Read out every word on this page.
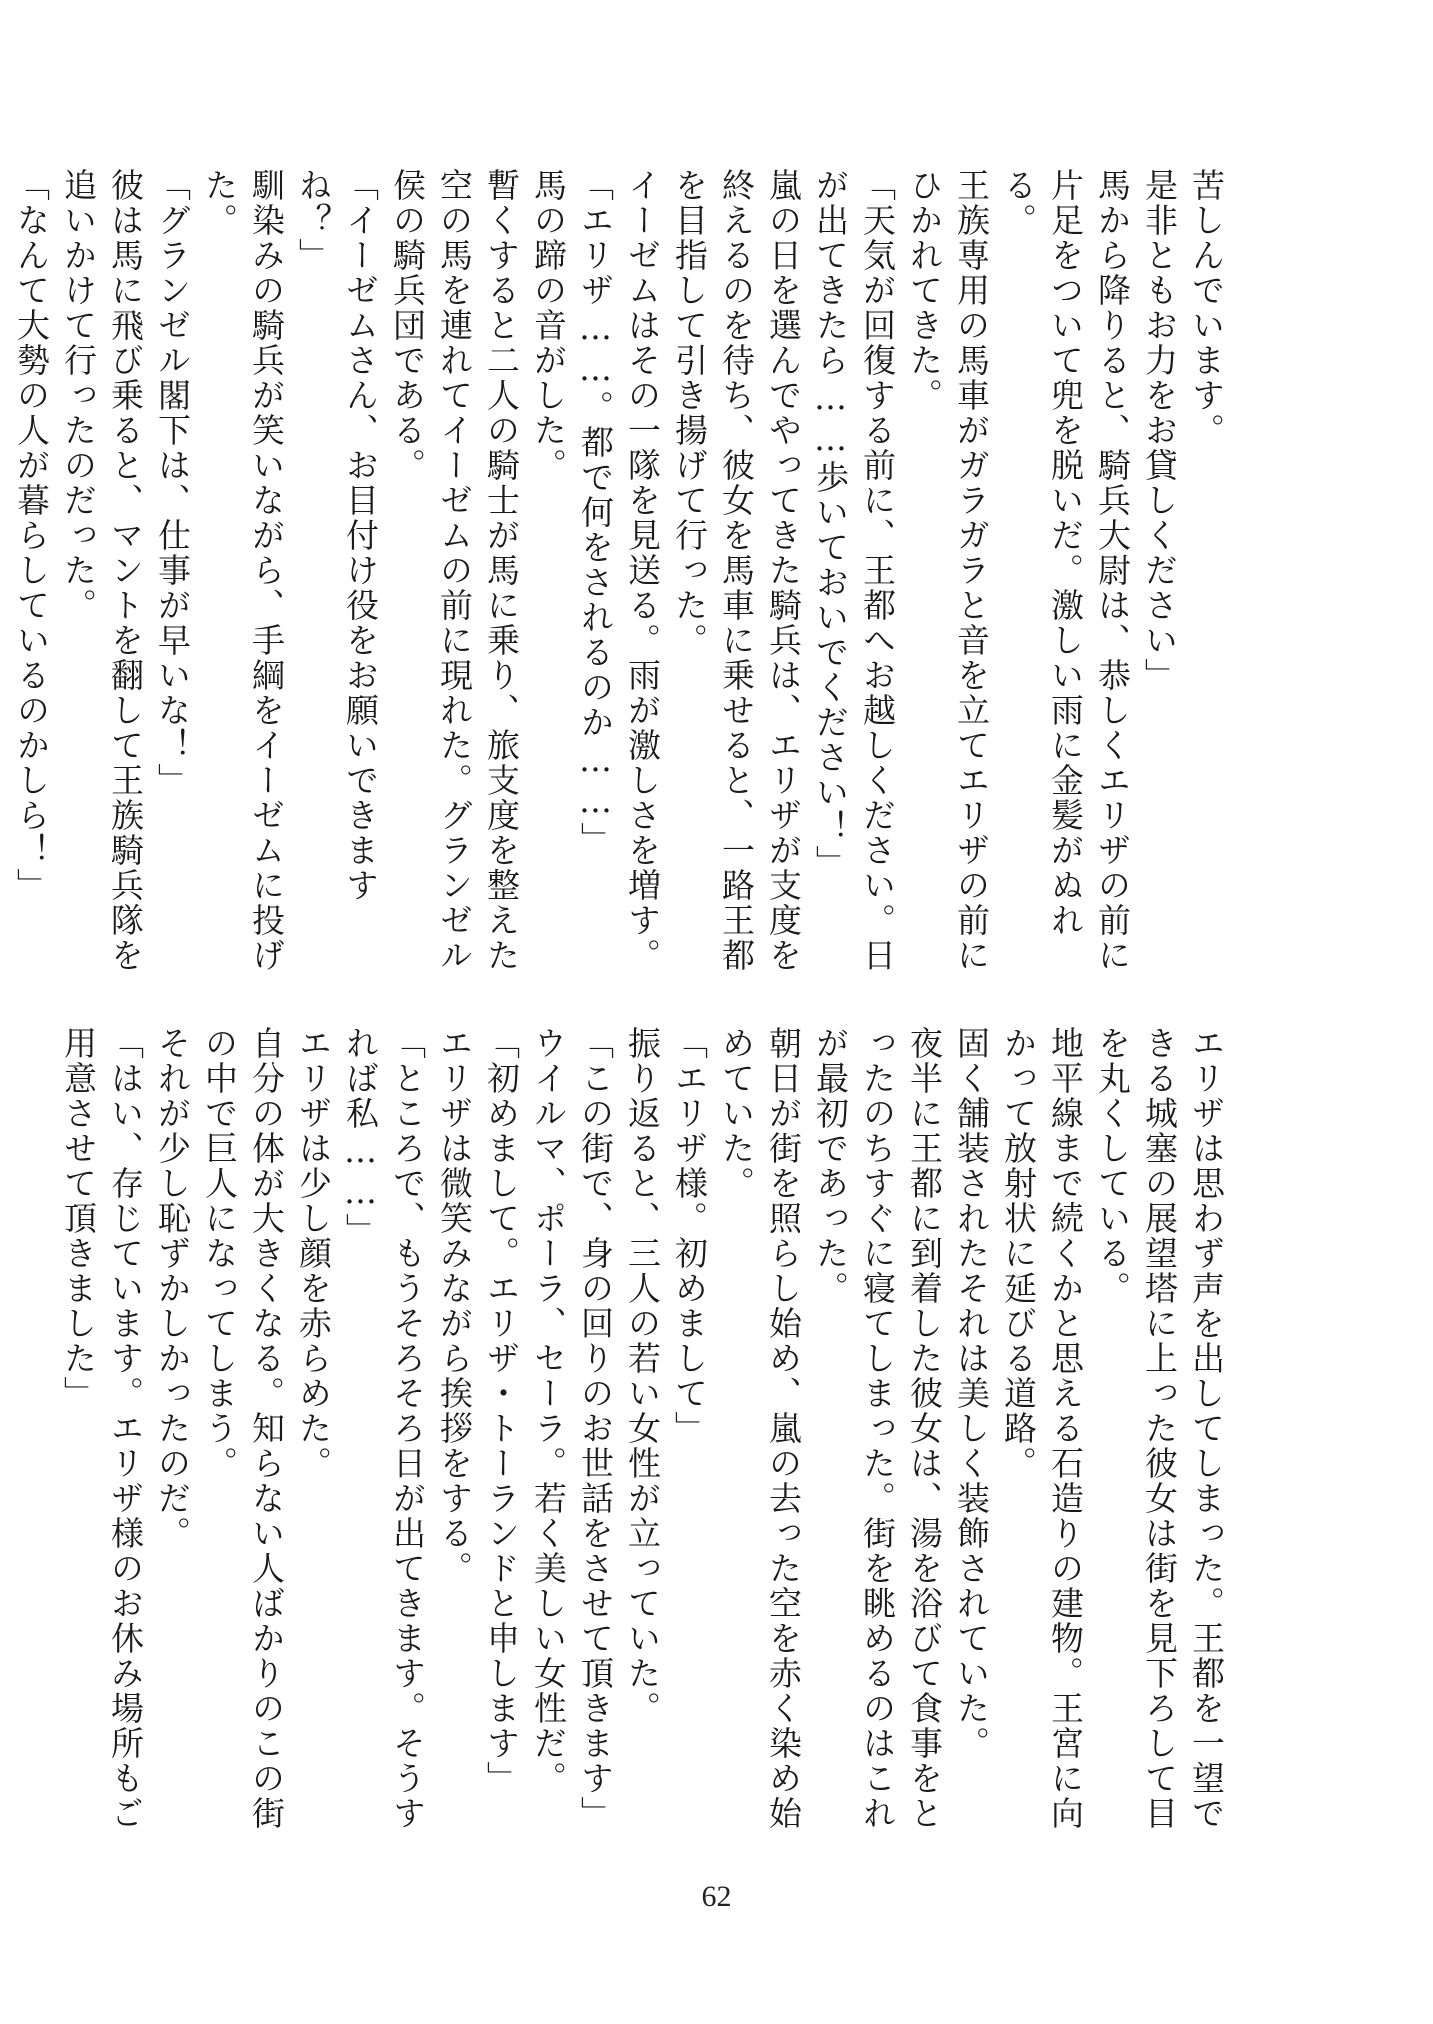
苦しんでいます。

是非ともお力をお貸しください」

馬から降りると、騎兵大尉は、恭しくエリザの前に片足をついて兜を脱いだ。激しい雨に金髪がぬれる。

王族専用の馬車がガラガラと音を立てエリザの前にひかれてきた。

「天気が回復する前に、王都へお越しください。日が出てきたら……歩いておいでください！」

嵐の日を選んでやってきた騎兵は、エリザが支度を終えるのを待ち、彼女を馬車に乗せると、一路王都を目指して引き揚げて行った。

イーゼムはその一隊を見送る。雨が激しさを増す。

「エリザ……。都で何をされるのか……」

馬の蹄の音がした。

暫くすると二人の騎士が馬に乗り、旅支度を整えた空の馬を連れてイーゼムの前に現れた。グランゼル侯の騎兵団である。

「イーゼムさん、お目付け役をお願いできますね？」

馴染みの騎兵が笑いながら、手綱をイーゼムに投げた。

「グランゼル閣下は、仕事が早いな！」

彼は馬に飛び乗ると、マントを翻して王族騎兵隊を追いかけて行ったのだった。

「なんて大勢の人が暮らしているのかしら！」

エリザは思わず声を出してしまった。王都を一望できる城塞の展望塔に上った彼女は街を見下ろして目を丸くしている。

地平線まで続くかと思える石造りの建物。王宮に向かって放射状に延びる道路。

固く舗装されたそれは美しく装飾されていた。

夜半に王都に到着した彼女は、湯を浴びて食事をとったのちすぐに寝てしまった。街を眺めるのはこれが最初であった。

朝日が街を照らし始め、嵐の去った空を赤く染め始めていた。

「エリザ様。初めまして」

振り返ると、三人の若い女性が立っていた。

「この街で、身の回りのお世話をさせて頂きます」

ウイルマ、ポーラ、セーラ。若く美しい女性だ。

「初めまして。エリザ・トーランドと申します」

エリザは微笑みながら挨拶をする。

「ところで、もうそろそろ日が出てきます。そうすれば私……」

エリザは少し顔を赤らめた。

自分の体が大きくなる。知らない人ばかりのこの街の中で巨人になってしまう。

それが少し恥ずかしかったのだ。

「はい、存じています。エリザ様のお休み場所もご用意させて頂きました」

62
